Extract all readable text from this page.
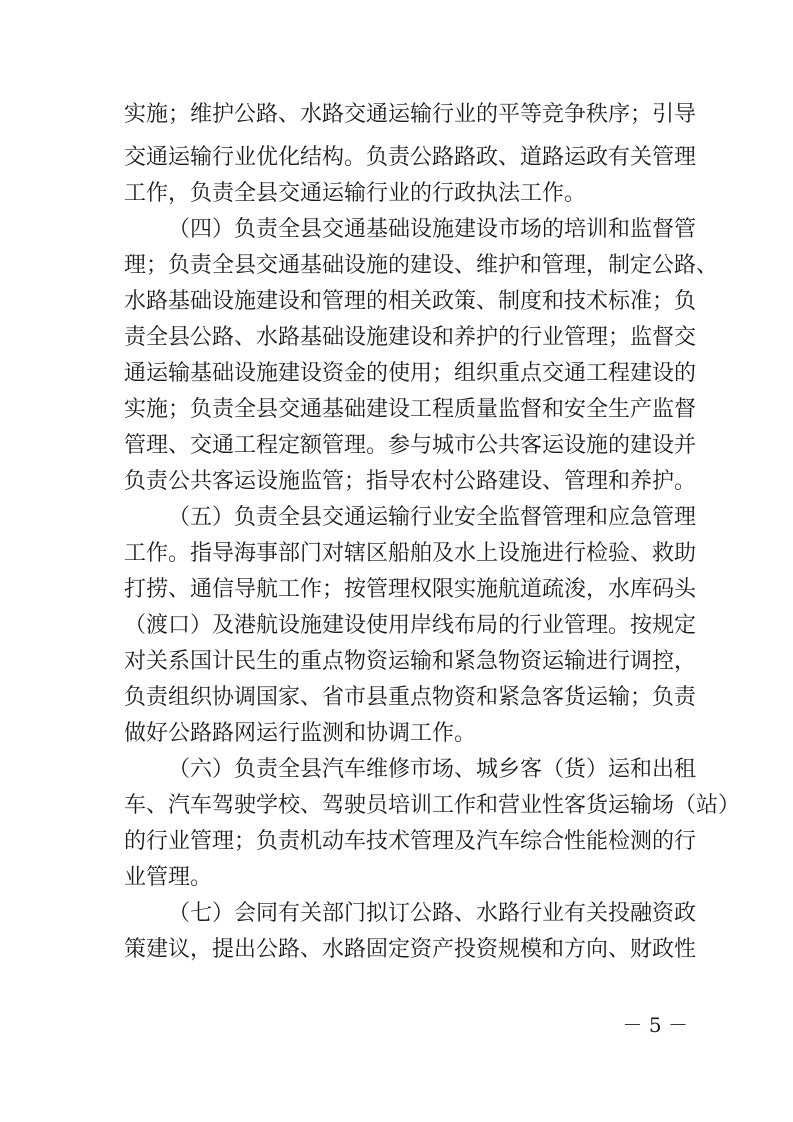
实施；维护公路、水路交通运输行业的平等竞争秩序；引导
交通运输行业优化结构。负责公路路政、道路运政有关管理
工作，负责全县交通运输行业的行政执法工作。
（四）负责全县交通基础设施建设市场的培训和监督管
理；负责全县交通基础设施的建设、维护和管理，制定公路、
水路基础设施建设和管理的相关政策、制度和技术标准；负
责全县公路、水路基础设施建设和养护的行业管理；监督交
通运输基础设施建设资金的使用；组织重点交通工程建设的
实施；负责全县交通基础建设工程质量监督和安全生产监督
管理、交通工程定额管理。参与城市公共客运设施的建设并
负责公共客运设施监管；指导农村公路建设、管理和养护。
（五）负责全县交通运输行业安全监督管理和应急管理
工作。指导海事部门对辖区船舶及水上设施进行检验、救助
打捞、通信导航工作；按管理权限实施航道疏浚，水库码头
（渡口）及港航设施建设使用岸线布局的行业管理。按规定
对关系国计民生的重点物资运输和紧急物资运输进行调控，
负责组织协调国家、省市县重点物资和紧急客货运输；负责
做好公路路网运行监测和协调工作。
（六）负责全县汽车维修市场、城乡客（货）运和出租
车、汽车驾驶学校、驾驶员培训工作和营业性客货运输场（站）
的行业管理；负责机动车技术管理及汽车综合性能检测的行
业管理。
（七）会同有关部门拟订公路、水路行业有关投融资政
策建议，提出公路、水路固定资产投资规模和方向、财政性
－ 5 －
